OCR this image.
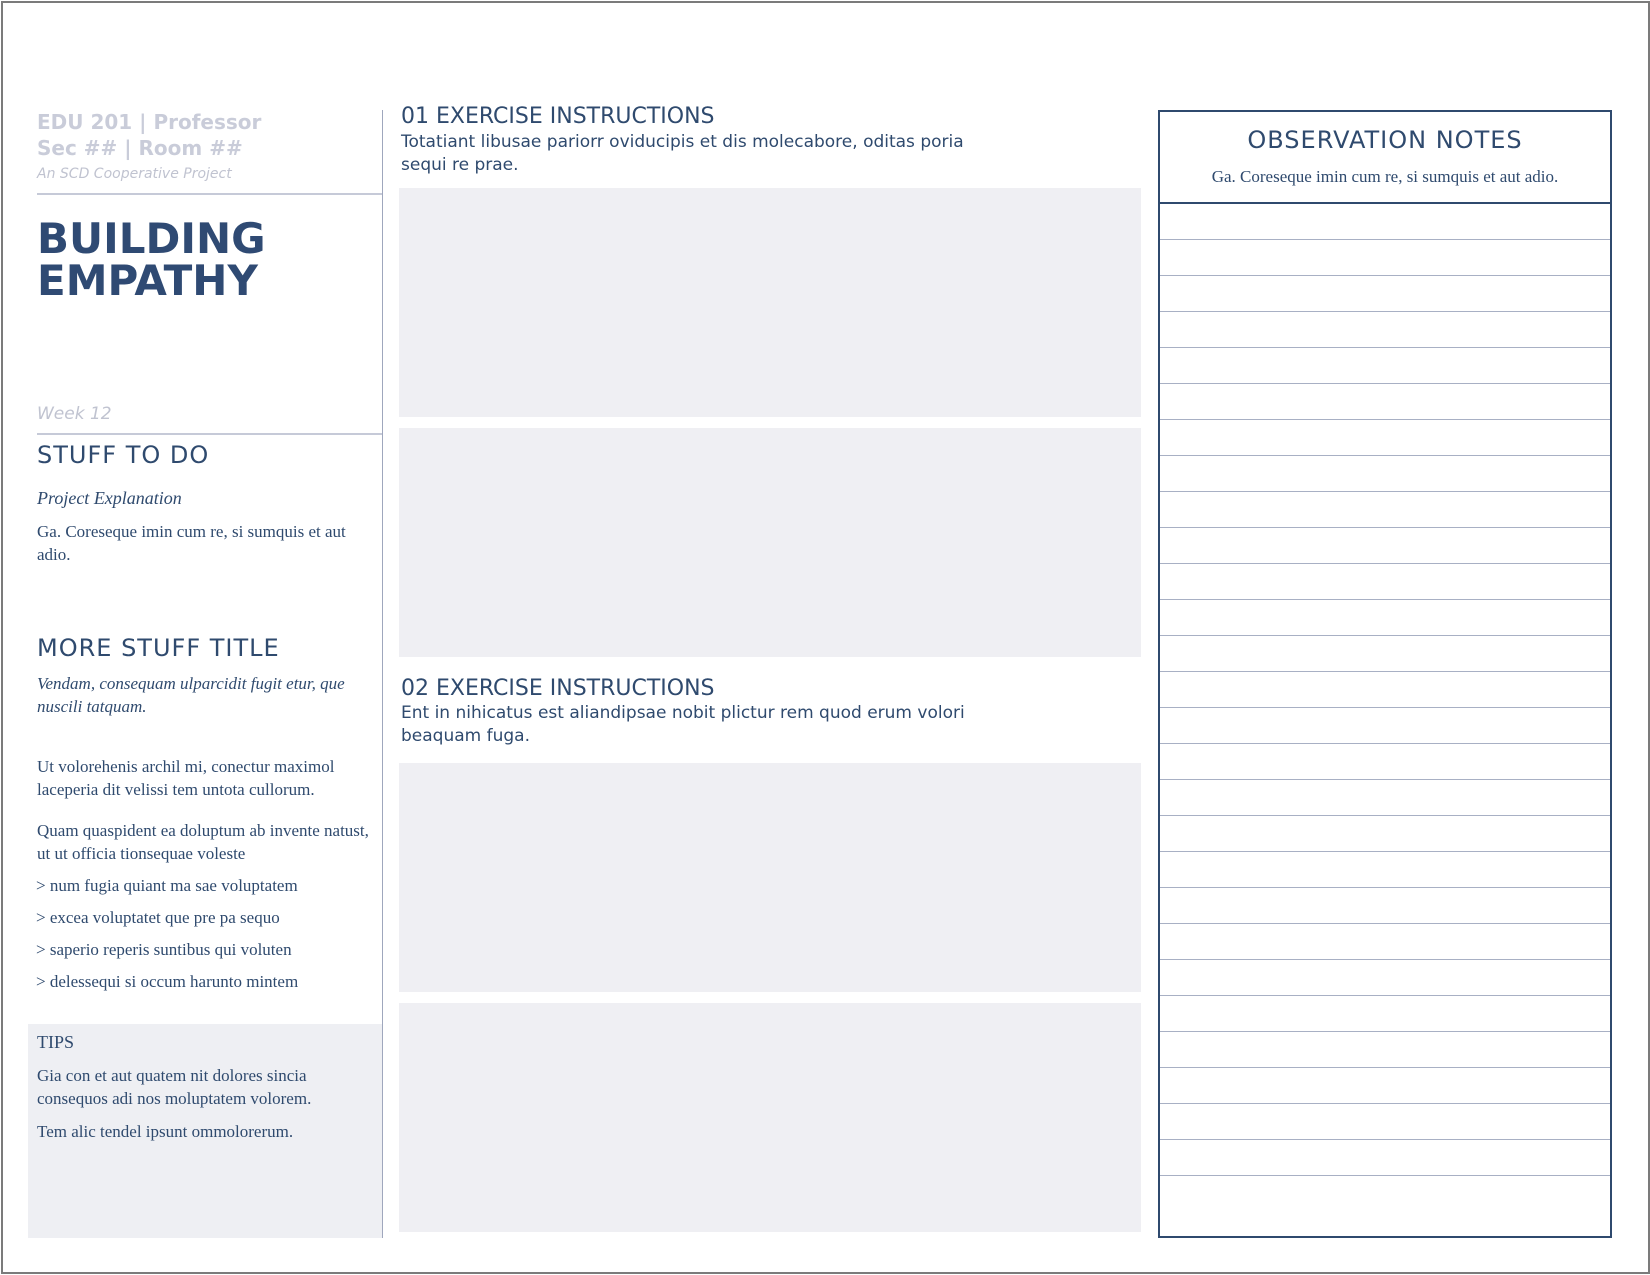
EDU 201 | Professor
Sec ## | Room ##
An SCD Cooperative Project
BUILDING
EMPATHY
Week 12
STUFF TO DO
Project Explanation
Ga. Coreseque imin cum re, si sumquis et aut adio.
MORE STUFF TITLE
Vendam, consequam ulparcidit fugit etur, que nuscili tatquam.
Ut volorehenis archil mi, conectur maximol laceperia dit velissi tem untota cullorum.
Quam quaspident ea doluptum ab invente natust, ut ut officia tionsequae voleste
> num fugia quiant ma sae voluptatem
> excea voluptatet que pre pa sequo
> saperio reperis suntibus qui voluten
> delessequi si occum harunto mintem
TIPS
Gia con et aut quatem nit dolores sincia consequos adi nos moluptatem volorem.
Tem alic tendel ipsunt ommolorerum.
01 EXERCISE INSTRUCTIONS
Totatiant libusae pariorr oviducipis et dis molecabore, oditas poria sequi re prae.
02 EXERCISE INSTRUCTIONS
Ent in nihicatus est aliandipsae nobit plictur rem quod erum volori beaquam fuga.
OBSERVATION NOTES
Ga. Coreseque imin cum re, si sumquis et aut adio.
